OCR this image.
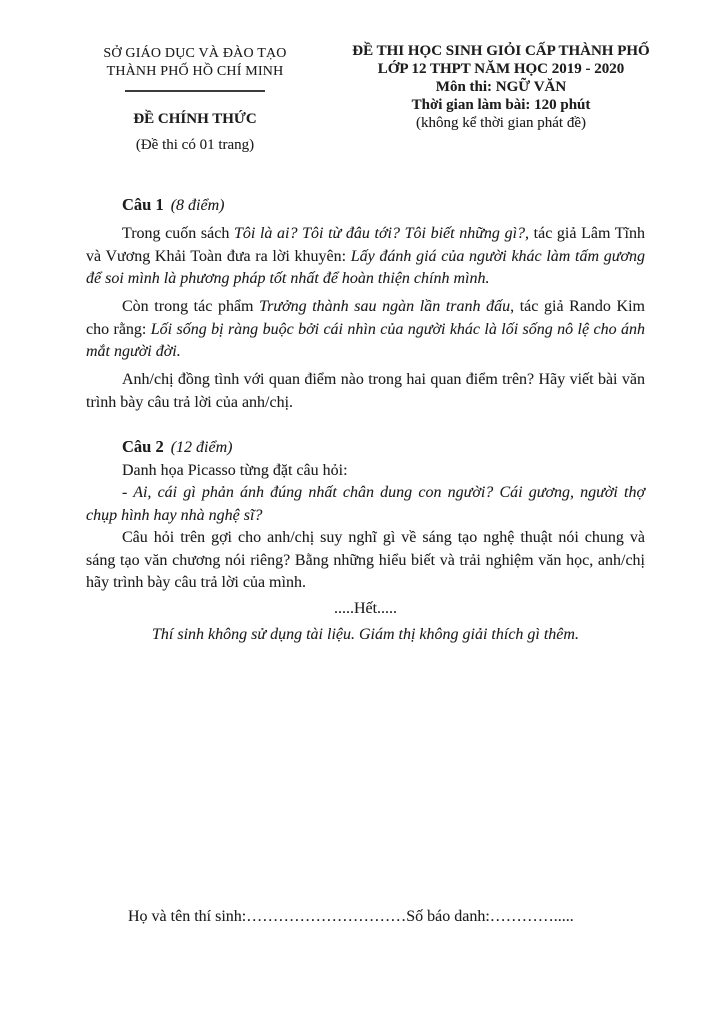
SỞ GIÁO DỤC VÀ ĐÀO TẠO
THÀNH PHỐ HỒ CHÍ MINH
ĐỀ CHÍNH THỨC
(Đề thi có 01 trang)
ĐỀ THI HỌC SINH GIỎI CẤP THÀNH PHỐ
LỚP 12 THPT NĂM HỌC 2019 - 2020
Môn thi: NGỮ VĂN
Thời gian làm bài: 120 phút
(không kể thời gian phát đề)

Câu 1 (8 điểm)

Trong cuốn sách Tôi là ai? Tôi từ đâu tới? Tôi biết những gì?, tác giả Lâm Tĩnh và Vương Khải Toàn đưa ra lời khuyên: Lấy đánh giá của người khác làm tấm gương để soi mình là phương pháp tốt nhất để hoàn thiện chính mình.

Còn trong tác phẩm Trưởng thành sau ngàn lần tranh đấu, tác giả Rando Kim cho rằng: Lối sống bị ràng buộc bởi cái nhìn của người khác là lối sống nô lệ cho ánh mắt người đời.

Anh/chị đồng tình với quan điểm nào trong hai quan điểm trên? Hãy viết bài văn trình bày câu trả lời của anh/chị.

Câu 2 (12 điểm)

Danh họa Picasso từng đặt câu hỏi:

- Ai, cái gì phản ánh đúng nhất chân dung con người? Cái gương, người thợ chụp hình hay nhà nghệ sĩ?

Câu hỏi trên gợi cho anh/chị suy nghĩ gì về sáng tạo nghệ thuật nói chung và sáng tạo văn chương nói riêng? Bằng những hiểu biết và trải nghiệm văn học, anh/chị hãy trình bày câu trả lời của mình.

.....Hết.....
Thí sinh không sử dụng tài liệu. Giám thị không giải thích gì thêm.
Họ và tên thí sinh:…………………………Số báo danh:………….....
